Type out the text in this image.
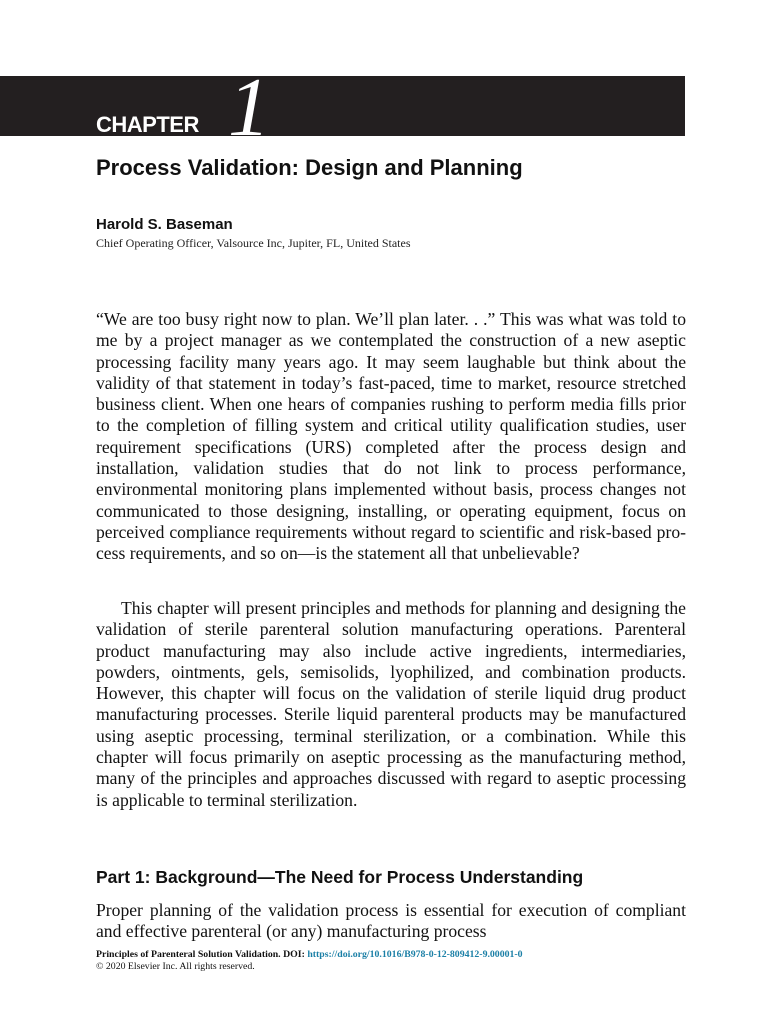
CHAPTER 1
Process Validation: Design and Planning
Harold S. Baseman
Chief Operating Officer, Valsource Inc, Jupiter, FL, United States

“We are too busy right now to plan. We’ll plan later. . .” This was what was told to me by a project manager as we contemplated the construction of a new aseptic processing facility many years ago. It may seem laughable but think about the validity of that statement in today’s fast-paced, time to market, resource stretched business client. When one hears of companies rushing to perform media fills prior to the completion of filling system and critical utility qualification studies, user requirement specifications (URS) completed after the process design and installation, validation studies that do not link to process performance, environmental monitoring plans implemented without basis, process changes not communicated to those designing, installing, or operating equipment, focus on perceived compliance requirements without regard to scientific and risk-based process requirements, and so on—is the statement all that unbelievable?

This chapter will present principles and methods for planning and designing the validation of sterile parenteral solution manufacturing operations. Parenteral product manufacturing may also include active ingredients, intermediaries, powders, ointments, gels, semisolids, lyophilized, and combination products. However, this chapter will focus on the validation of sterile liquid drug product manufacturing processes. Sterile liquid parenteral products may be manufactured using aseptic processing, terminal sterilization, or a combination. While this chapter will focus primarily on aseptic processing as the manufacturing method, many of the principles and approaches discussed with regard to aseptic processing is applicable to terminal sterilization.

Part 1: Background—The Need for Process Understanding

Proper planning of the validation process is essential for execution of compliant and effective parenteral (or any) manufacturing process

Principles of Parenteral Solution Validation. DOI: https://doi.org/10.1016/B978-0-12-809412-9.00001-0
© 2020 Elsevier Inc. All rights reserved.
